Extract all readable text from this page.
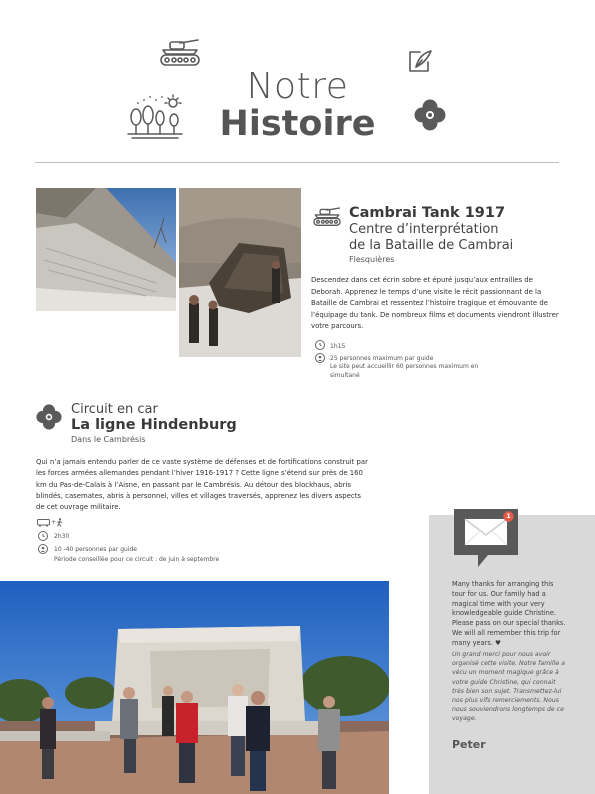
Notre
Histoire
Cambrai Tank 1917
Centre d’interprétation
de la Bataille de Cambrai
Flesquières
Descendez dans cet écrin sobre et épuré jusqu’aux entrailles de Deborah. Apprenez le temps d’une visite le récit passionnant de la Bataille de Cambrai et ressentez l’histoire tragique et émouvante de l’équipage du tank. De nombreux films et documents viendront illustrer votre parcours.
1h15
25 personnes maximum par guide
Le site peut accueillir 60 personnes maximum en simultané
Circuit en car
La ligne Hindenburg
Dans le Cambrésis
Qui n’a jamais entendu parler de ce vaste système de défenses et de fortifications construit par les forces armées allemandes pendant l’hiver 1916-1917 ? Cette ligne s’étend sur près de 160 km du Pas-de-Calais à l’Aisne, en passant par le Cambrésis. Au détour des blockhaus, abris blindés, casemates, abris à personnel, villes et villages traversés, apprenez les divers aspects de cet ouvrage militaire.
+
2h30
10 -40 personnes par guide
Période conseillée pour ce circuit : de juin à septembre
1
Many thanks for arranging this tour for us. Our family had a magical time with your very knowledgeable guide Christine. Please pass on our special thanks. We will all remember this trip for many years. ♥
Un grand merci pour nous avoir organisé cette visite. Notre famille a vécu un moment magique grâce à votre guide Christine, qui connait très bien son sujet. Transmettez-lui nos plus vifs remerciements. Nous nous souviendrons longtemps de ce voyage.
Peter
